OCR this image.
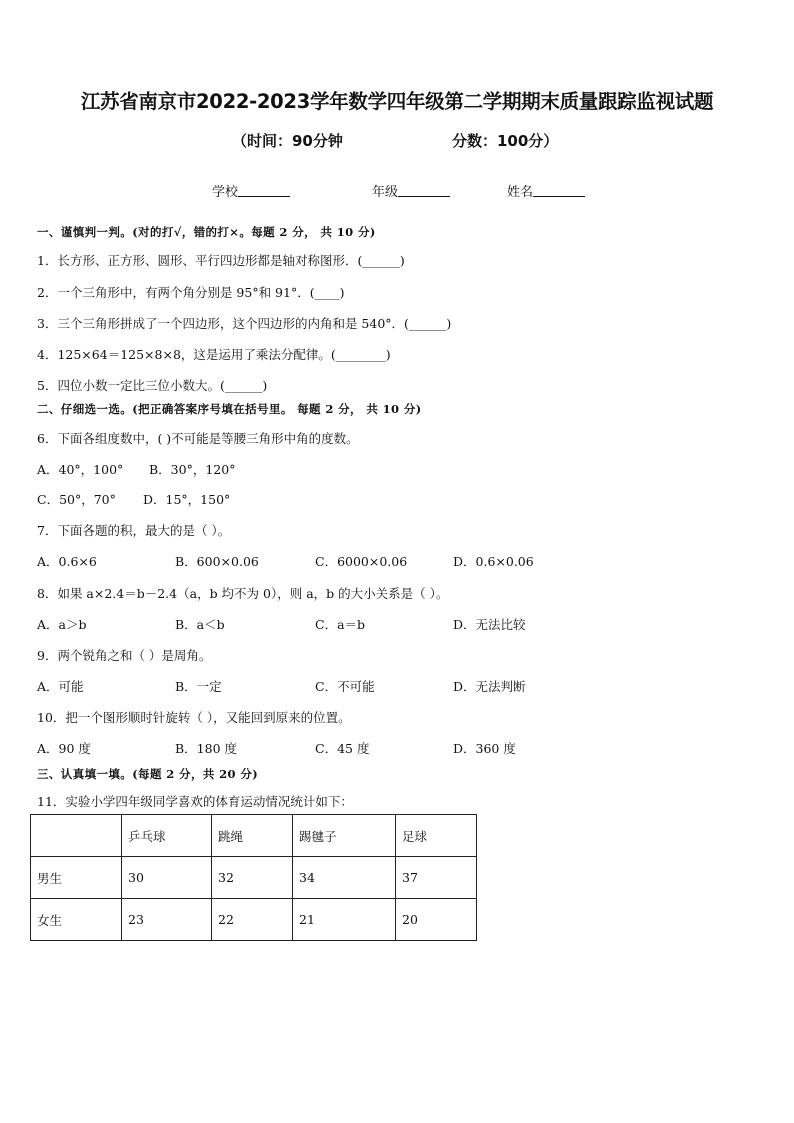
江苏省南京市2022-2023学年数学四年级第二学期期末质量跟踪监视试题
（时间：90分钟	分数：100分）
学校	年级	姓名
一、谨慎判一判。(对的打√，错的打×。每题 2 分， 共 10 分)
1．长方形、正方形、圆形、平行四边形都是轴对称图形．(______)
2．一个三角形中，有两个角分别是 95°和 91°．(____)
3．三个三角形拼成了一个四边形，这个四边形的内角和是 540°．(______)
4．125×64＝125×8×8，这是运用了乘法分配律。(________)
5．四位小数一定比三位小数大。(______)
二、仔细选一选。(把正确答案序号填在括号里。 每题 2 分， 共 10 分)
6．下面各组度数中，( )不可能是等腰三角形中角的度数。
A．40°，100° B．30°，120°
C．50°，70° D．15°，150°
7．下面各题的积，最大的是（ ）。
A．0.6×6	B．600×0.06	C．6000×0.06	D．0.6×0.06
8．如果 a×2.4＝b－2.4（a，b 均不为 0），则 a，b 的大小关系是（ ）。
A．a＞b	B．a＜b	C．a＝b	D．无法比较
9．两个锐角之和（ ）是周角。
A．可能	B．一定	C．不可能	D．无法判断
10．把一个图形顺时针旋转（ ），又能回到原来的位置。
A．90 度	B．180 度	C．45 度	D．360 度
三、认真填一填。(每题 2 分，共 20 分)
11．实验小学四年级同学喜欢的体育运动情况统计如下：
	乒乓球	跳绳	踢毽子	足球
男生	30	32	34	37
女生	23	22	21	20
